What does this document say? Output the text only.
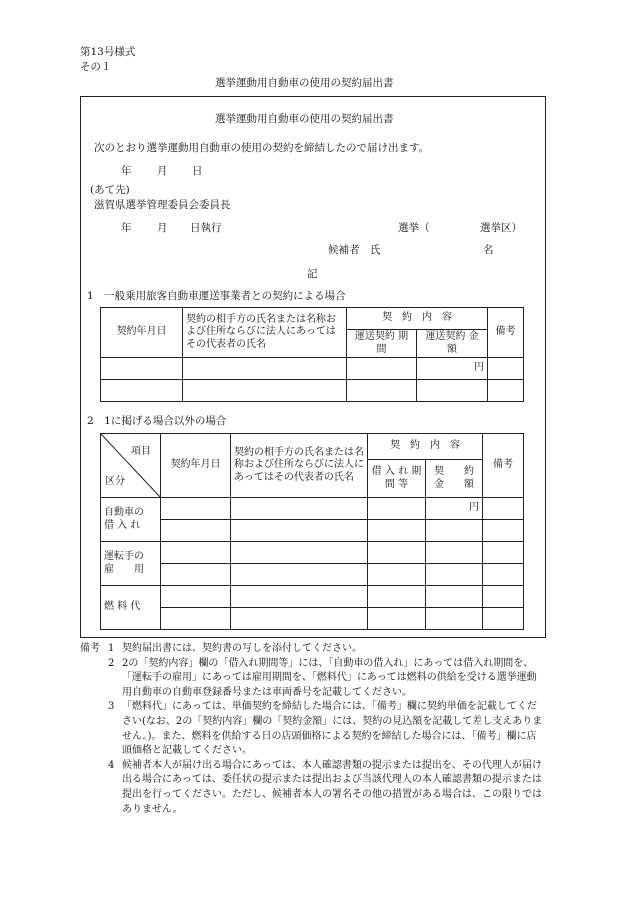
第13号様式
その１
選挙運動用自動車の使用の契約届出書
選挙運動用自動車の使用の契約届出書
次のとおり選挙運動用自動車の使用の契約を締結したので届け出ます。
年 月 日
(あて先)
滋賀県選挙管理委員会委員長
年 月 日執行	選挙（	選挙区）
候補者　氏	名
記
1　一般乗用旅客自動車運送事業者との契約による場合
契約年月日	契約の相手方の氏名または名称および住所ならびに法人にあってはその代表者の氏名	契　約　内　容		備考
		運送契約 期　間	運送契約 金　額	
			円	

2　1に掲げる場合以外の場合
項目
区分	契約年月日	契約の相手方の氏名または名称および住所ならびに法人にあってはその代表者の氏名	契　約　内　容		備考
			借 入 れ 期 間 等	契　　約 金　　額	
自動車の 借 入 れ				円	

運転手の 雇　　用					

燃 料 代					

備考 1 契約届出書には、契約書の写しを添付してください。
2 2の「契約内容」欄の「借入れ期間等」には、「自動車の借入れ」にあっては借入れ期間を、「運転手の雇用」にあっては雇用期間を、「燃料代」にあっては燃料の供給を受ける選挙運動用自動車の自動車登録番号または車両番号を記載してください。
3 「燃料代」にあっては、単価契約を締結した場合には、「備考」欄に契約単価を記載してください(なお、2の「契約内容」欄の「契約金額」には、契約の見込額を記載して差し支えありません。)。また、燃料を供給する日の店頭価格による契約を締結した場合には、「備考」欄に店頭価格と記載してください。
4 候補者本人が届け出る場合にあっては、本人確認書類の提示または提出を、その代理人が届け出る場合にあっては、委任状の提示または提出および当該代理人の本人確認書類の提示または提出を行ってください。ただし、候補者本人の署名その他の措置がある場合は、この限りではありません。
